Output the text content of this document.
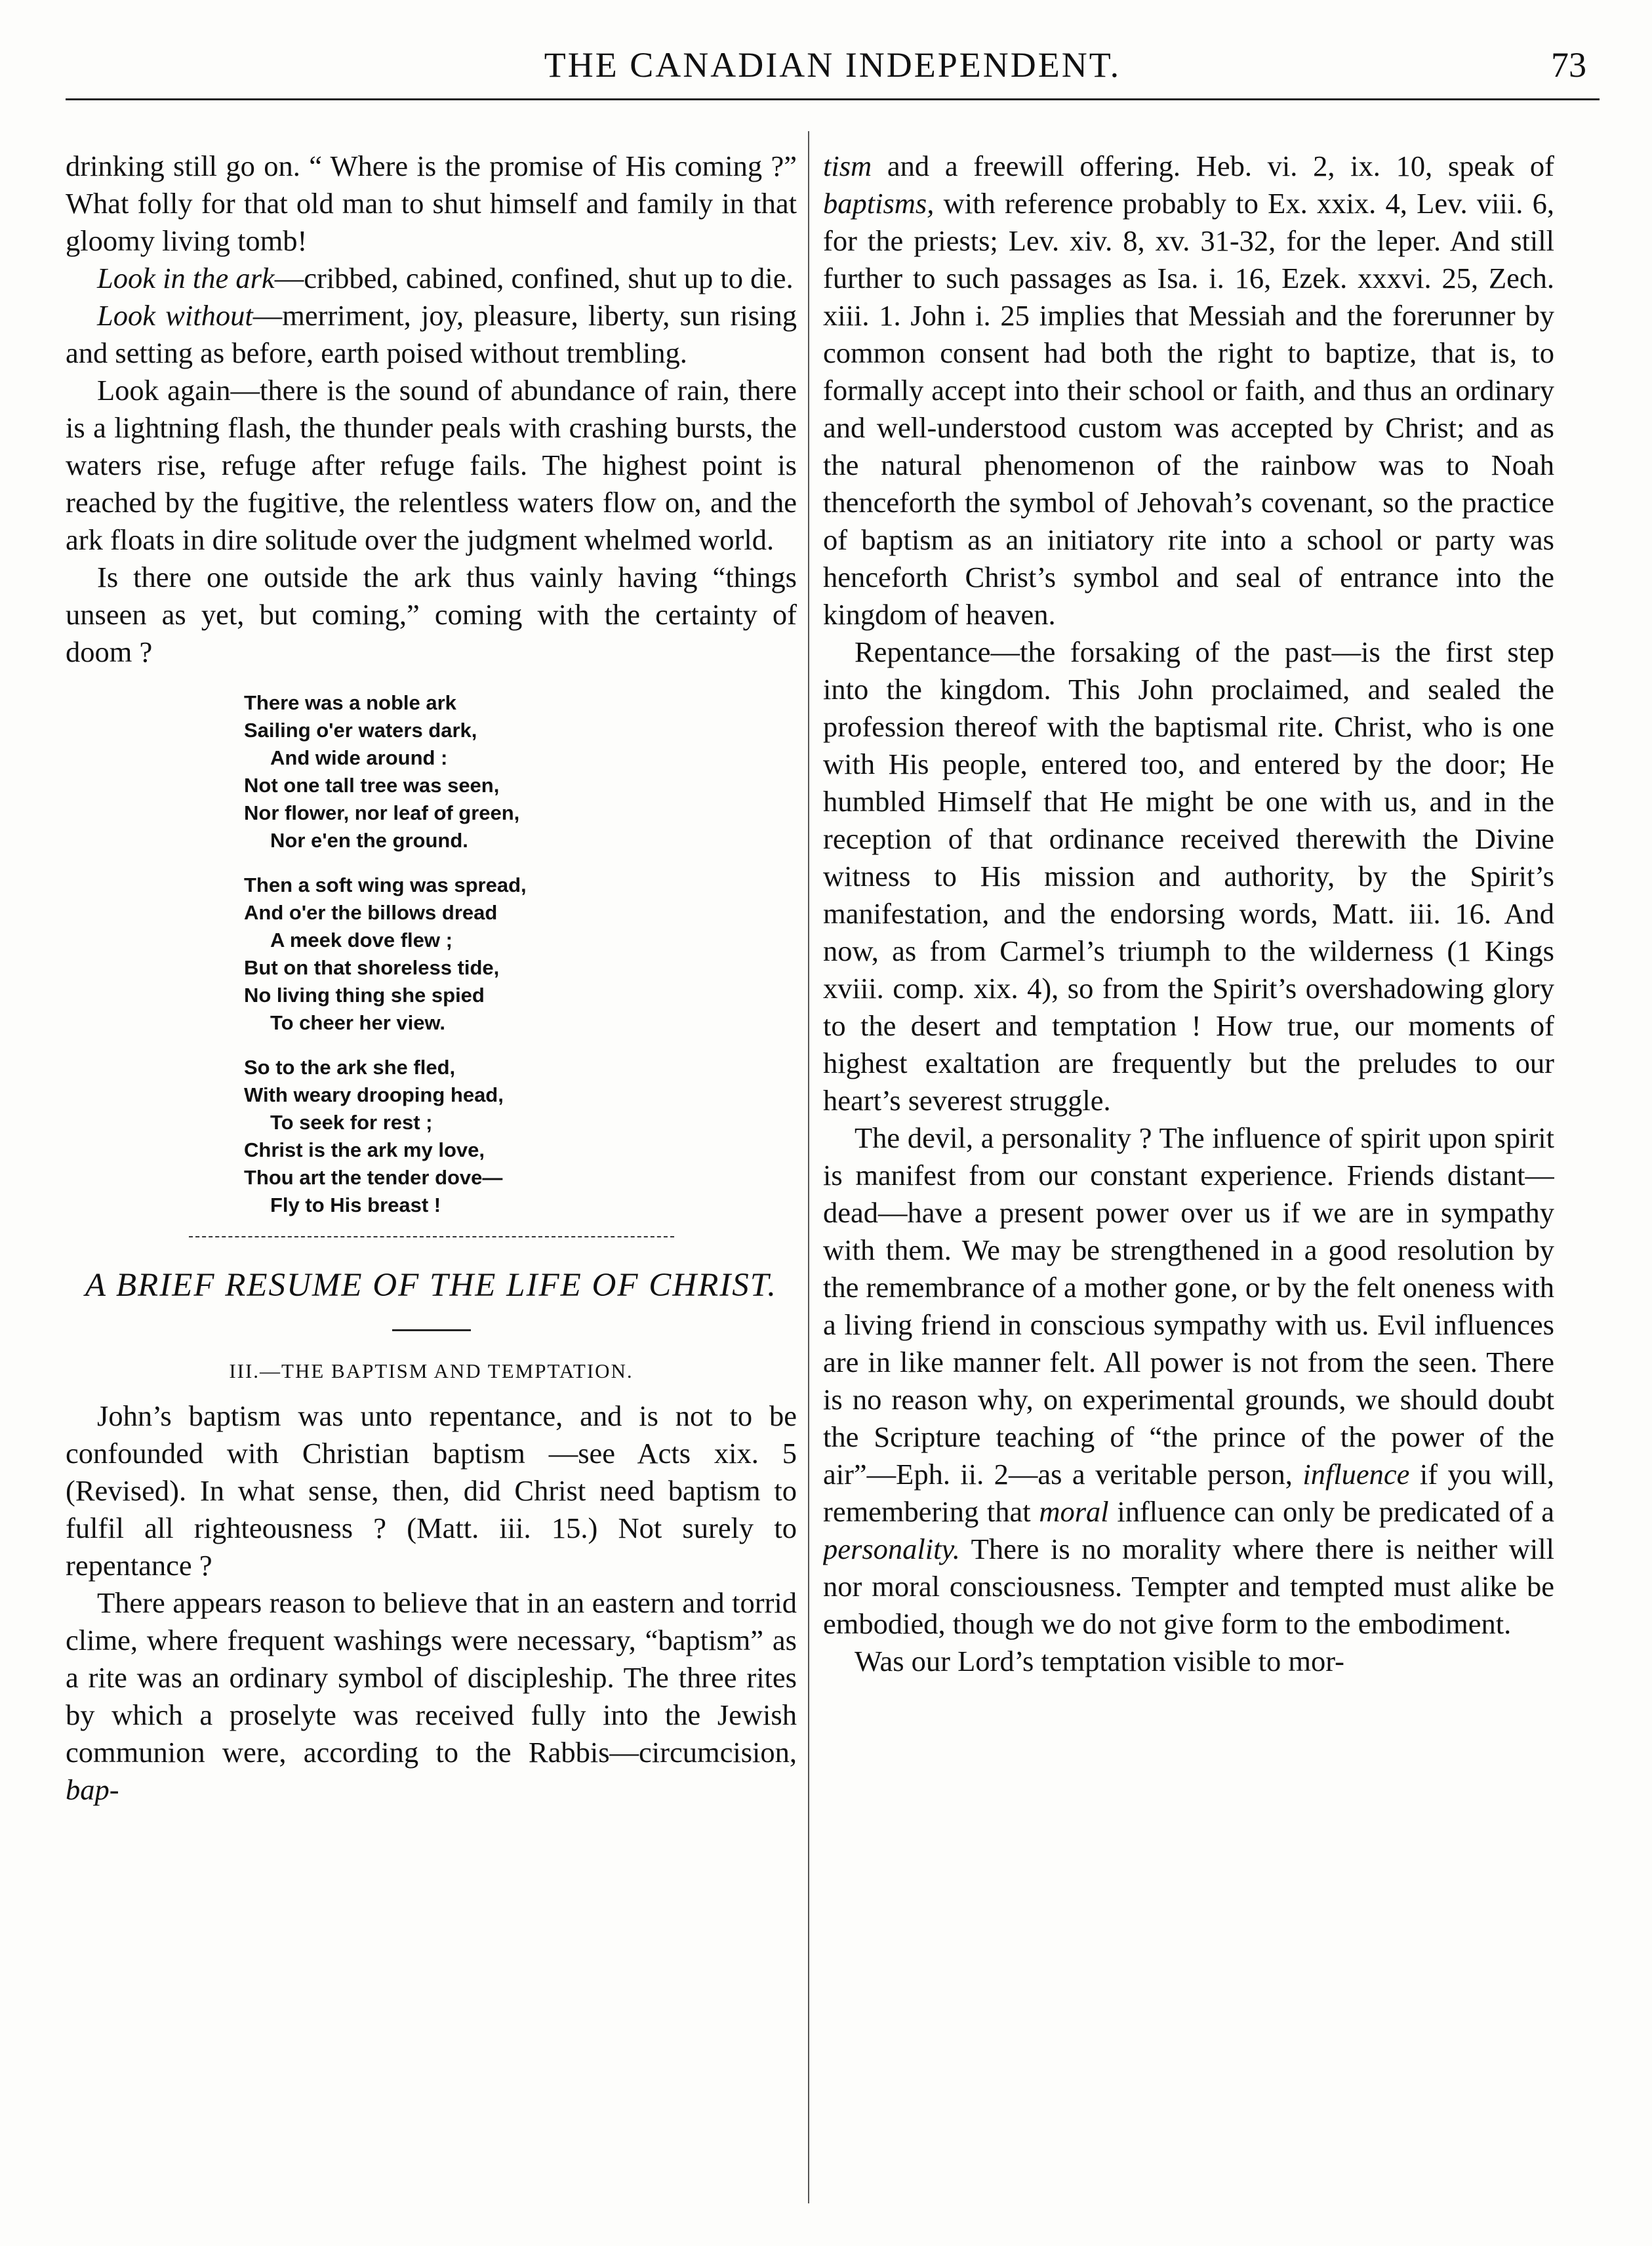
THE CANADIAN INDEPENDENT.	73

drinking still go on. “ Where is the promise of His coming ?” What folly for that old man to shut himself and family in that gloomy living tomb!

Look in the ark—cribbed, cabined, confined, shut up to die.

Look without—merriment, joy, pleasure, liberty, sun rising and setting as before, earth poised without trembling.

Look again—there is the sound of abundance of rain, there is a lightning flash, the thunder peals with crashing bursts, the waters rise, refuge after refuge fails. The highest point is reached by the fugitive, the relentless waters flow on, and the ark floats in dire solitude over the judgment whelmed world.

Is there one outside the ark thus vainly having “things unseen as yet, but coming,” coming with the certainty of doom ?

There was a noble ark
Sailing o'er waters dark,
And wide around :
Not one tall tree was seen,
Nor flower, nor leaf of green,
Nor e'en the ground.
Then a soft wing was spread,
And o'er the billows dread
A meek dove flew ;
But on that shoreless tide,
No living thing she spied
To cheer her view.
So to the ark she fled,
With weary drooping head,
To seek for rest ;
Christ is the ark my love,
Thou art the tender dove—
Fly to His breast !
A BRIEF RESUME OF THE LIFE OF CHRIST.
III.—THE BAPTISM AND TEMPTATION.

John’s baptism was unto repentance, and is not to be confounded with Christian baptism —see Acts xix. 5 (Revised). In what sense, then, did Christ need baptism to fulfil all righteousness ? (Matt. iii. 15.) Not surely to repentance ?

There appears reason to believe that in an eastern and torrid clime, where frequent washings were necessary, “baptism” as a rite was an ordinary symbol of discipleship. The three rites by which a proselyte was received fully into the Jewish communion were, according to the Rabbis—circumcision, bap-

tism and a freewill offering. Heb. vi. 2, ix. 10, speak of baptisms, with reference probably to Ex. xxix. 4, Lev. viii. 6, for the priests; Lev. xiv. 8, xv. 31-32, for the leper. And still further to such passages as Isa. i. 16, Ezek. xxxvi. 25, Zech. xiii. 1. John i. 25 implies that Messiah and the forerunner by common consent had both the right to baptize, that is, to formally accept into their school or faith, and thus an ordinary and well-understood custom was accepted by Christ; and as the natural phenomenon of the rainbow was to Noah thenceforth the symbol of Jehovah’s covenant, so the practice of baptism as an initiatory rite into a school or party was henceforth Christ’s symbol and seal of entrance into the kingdom of heaven.

Repentance—the forsaking of the past—is the first step into the kingdom. This John proclaimed, and sealed the profession thereof with the baptismal rite. Christ, who is one with His people, entered too, and entered by the door; He humbled Himself that He might be one with us, and in the reception of that ordinance received therewith the Divine witness to His mission and authority, by the Spirit’s manifestation, and the endorsing words, Matt. iii. 16. And now, as from Carmel’s triumph to the wilderness (1 Kings xviii. comp. xix. 4), so from the Spirit’s overshadowing glory to the desert and temptation ! How true, our moments of highest exaltation are frequently but the preludes to our heart’s severest struggle.

The devil, a personality ? The influence of spirit upon spirit is manifest from our constant experience. Friends distant—dead—have a present power over us if we are in sympathy with them. We may be strengthened in a good resolution by the remembrance of a mother gone, or by the felt oneness with a living friend in conscious sympathy with us. Evil influences are in like manner felt. All power is not from the seen. There is no reason why, on experimental grounds, we should doubt the Scripture teaching of “the prince of the power of the air”—Eph. ii. 2—as a veritable person, influence if you will, remembering that moral influence can only be predicated of a personality. There is no morality where there is neither will nor moral consciousness. Tempter and tempted must alike be embodied, though we do not give form to the embodiment.

Was our Lord’s temptation visible to mor-
